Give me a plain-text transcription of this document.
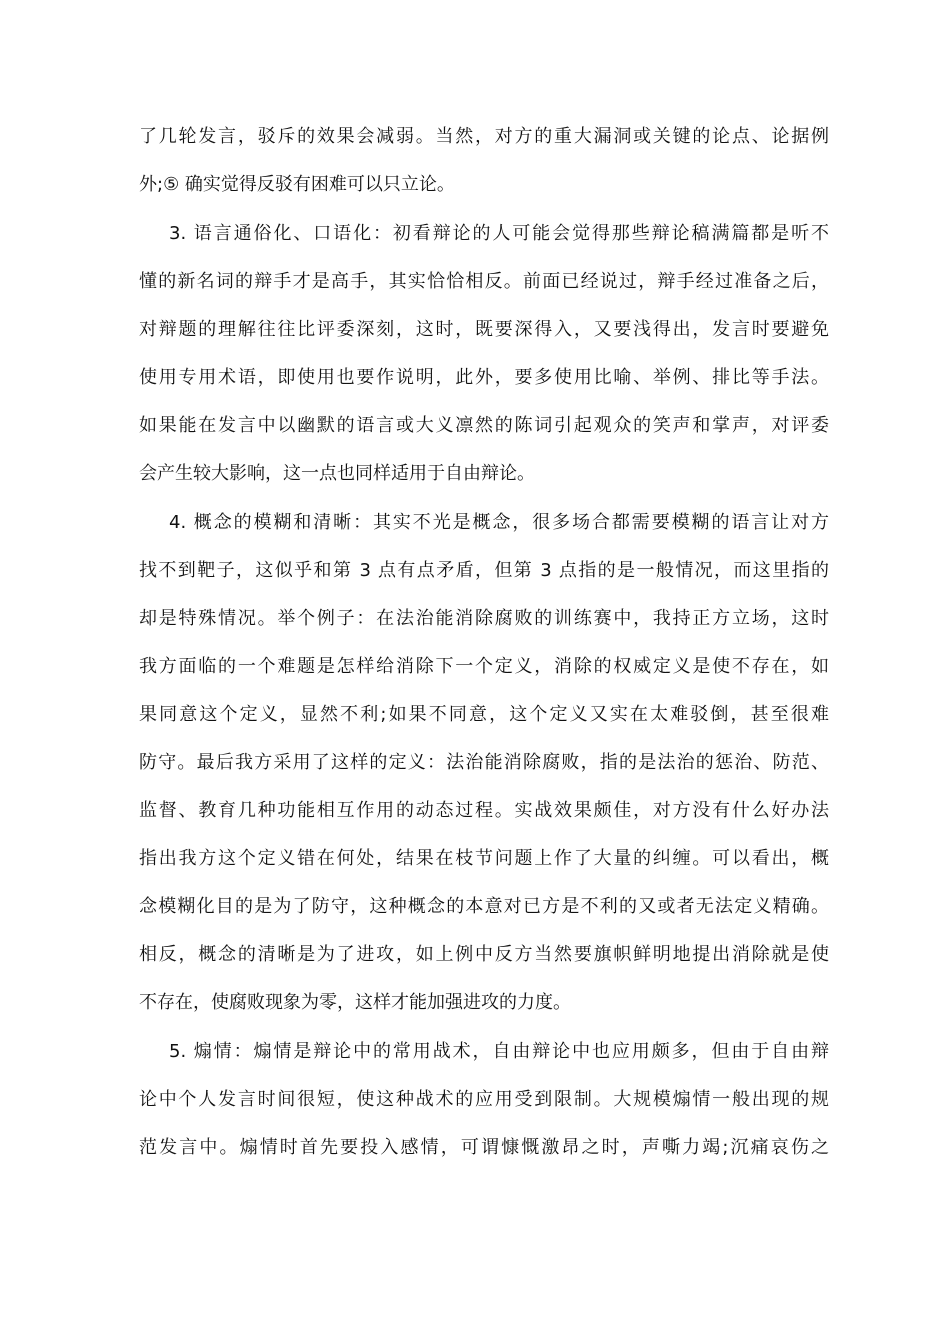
了几轮发言，驳斥的效果会减弱。当然，对方的重大漏洞或关键的论点、论据例
外;⑤ 确实觉得反驳有困难可以只立论。
3. 语言通俗化、口语化：初看辩论的人可能会觉得那些辩论稿满篇都是听不
懂的新名词的辩手才是高手，其实恰恰相反。前面已经说过，辩手经过准备之后，
对辩题的理解往往比评委深刻，这时，既要深得入，又要浅得出，发言时要避免
使用专用术语，即使用也要作说明，此外，要多使用比喻、举例、排比等手法。
如果能在发言中以幽默的语言或大义凛然的陈词引起观众的笑声和掌声，对评委
会产生较大影响，这一点也同样适用于自由辩论。
4. 概念的模糊和清晰：其实不光是概念，很多场合都需要模糊的语言让对方
找不到靶子，这似乎和第 3 点有点矛盾，但第 3 点指的是一般情况，而这里指的
却是特殊情况。举个例子：在法治能消除腐败的训练赛中，我持正方立场，这时
我方面临的一个难题是怎样给消除下一个定义，消除的权威定义是使不存在，如
果同意这个定义，显然不利;如果不同意，这个定义又实在太难驳倒，甚至很难
防守。最后我方采用了这样的定义：法治能消除腐败，指的是法治的惩治、防范、
监督、教育几种功能相互作用的动态过程。实战效果颇佳，对方没有什么好办法
指出我方这个定义错在何处，结果在枝节问题上作了大量的纠缠。可以看出，概
念模糊化目的是为了防守，这种概念的本意对已方是不利的又或者无法定义精确。
相反，概念的清晰是为了进攻，如上例中反方当然要旗帜鲜明地提出消除就是使
不存在，使腐败现象为零，这样才能加强进攻的力度。
5. 煽情：煽情是辩论中的常用战术，自由辩论中也应用颇多，但由于自由辩
论中个人发言时间很短，使这种战术的应用受到限制。大规模煽情一般出现的规
范发言中。煽情时首先要投入感情，可谓慷慨激昂之时，声嘶力竭;沉痛哀伤之
